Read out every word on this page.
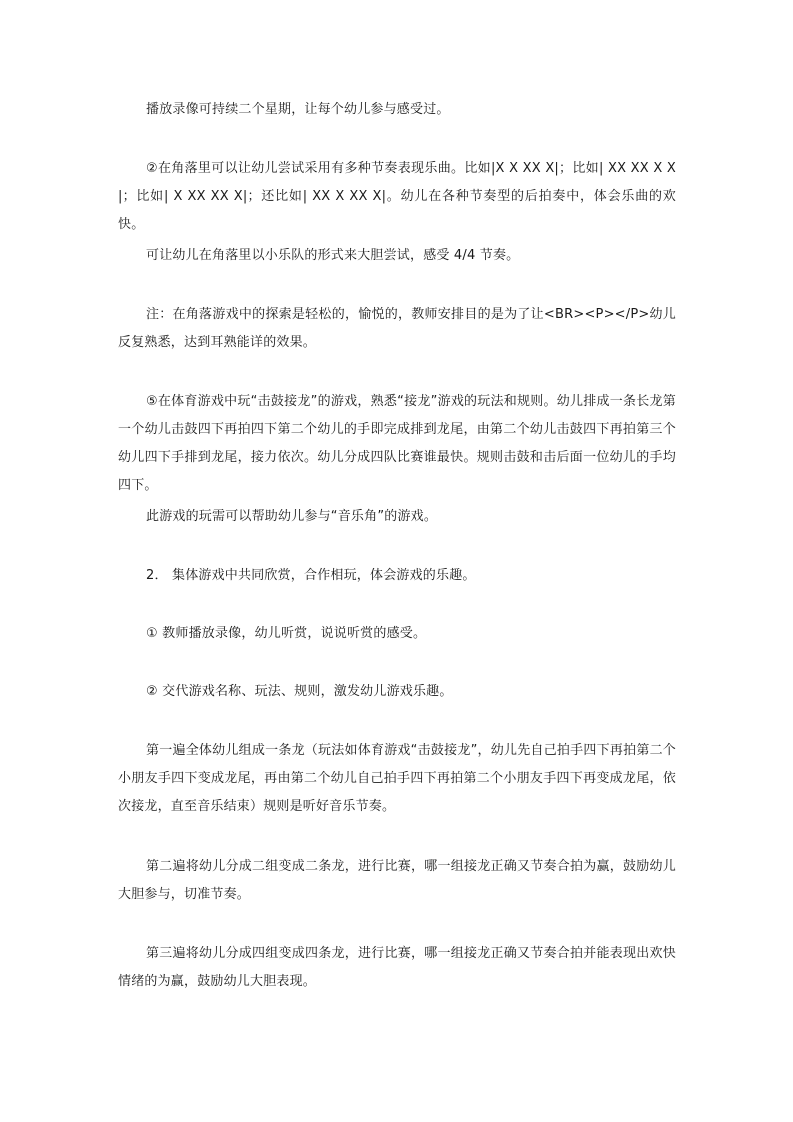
播放录像可持续二个星期，让每个幼儿参与感受过。

②在角落里可以让幼儿尝试采用有多种节奏表现乐曲。比如|X X XX X|；比如| XX XX X X |；比如| X XX XX X|；还比如| XX X XX X|。幼儿在各种节奏型的后拍奏中，体会乐曲的欢快。

可让幼儿在角落里以小乐队的形式来大胆尝试，感受 4/4 节奏。

注：在角落游戏中的探索是轻松的，愉悦的，教师安排目的是为了让<BR><P></P>幼儿反复熟悉，达到耳熟能详的效果。

⑤在体育游戏中玩“击鼓接龙”的游戏，熟悉“接龙”游戏的玩法和规则。幼儿排成一条长龙第一个幼儿击鼓四下再拍四下第二个幼儿的手即完成排到龙尾，由第二个幼儿击鼓四下再拍第三个幼儿四下手排到龙尾，接力依次。幼儿分成四队比赛谁最快。规则击鼓和击后面一位幼儿的手均四下。

此游戏的玩需可以帮助幼儿参与“音乐角”的游戏。

2． 集体游戏中共同欣赏，合作相玩，体会游戏的乐趣。

① 教师播放录像，幼儿听赏，说说听赏的感受。

② 交代游戏名称、玩法、规则，激发幼儿游戏乐趣。

第一遍全体幼儿组成一条龙（玩法如体育游戏“击鼓接龙”，幼儿先自己拍手四下再拍第二个小朋友手四下变成龙尾，再由第二个幼儿自己拍手四下再拍第二个小朋友手四下再变成龙尾，依次接龙，直至音乐结束）规则是听好音乐节奏。

第二遍将幼儿分成二组变成二条龙，进行比赛，哪一组接龙正确又节奏合拍为赢，鼓励幼儿大胆参与，切准节奏。

第三遍将幼儿分成四组变成四条龙，进行比赛，哪一组接龙正确又节奏合拍并能表现出欢快情绪的为赢，鼓励幼儿大胆表现。
